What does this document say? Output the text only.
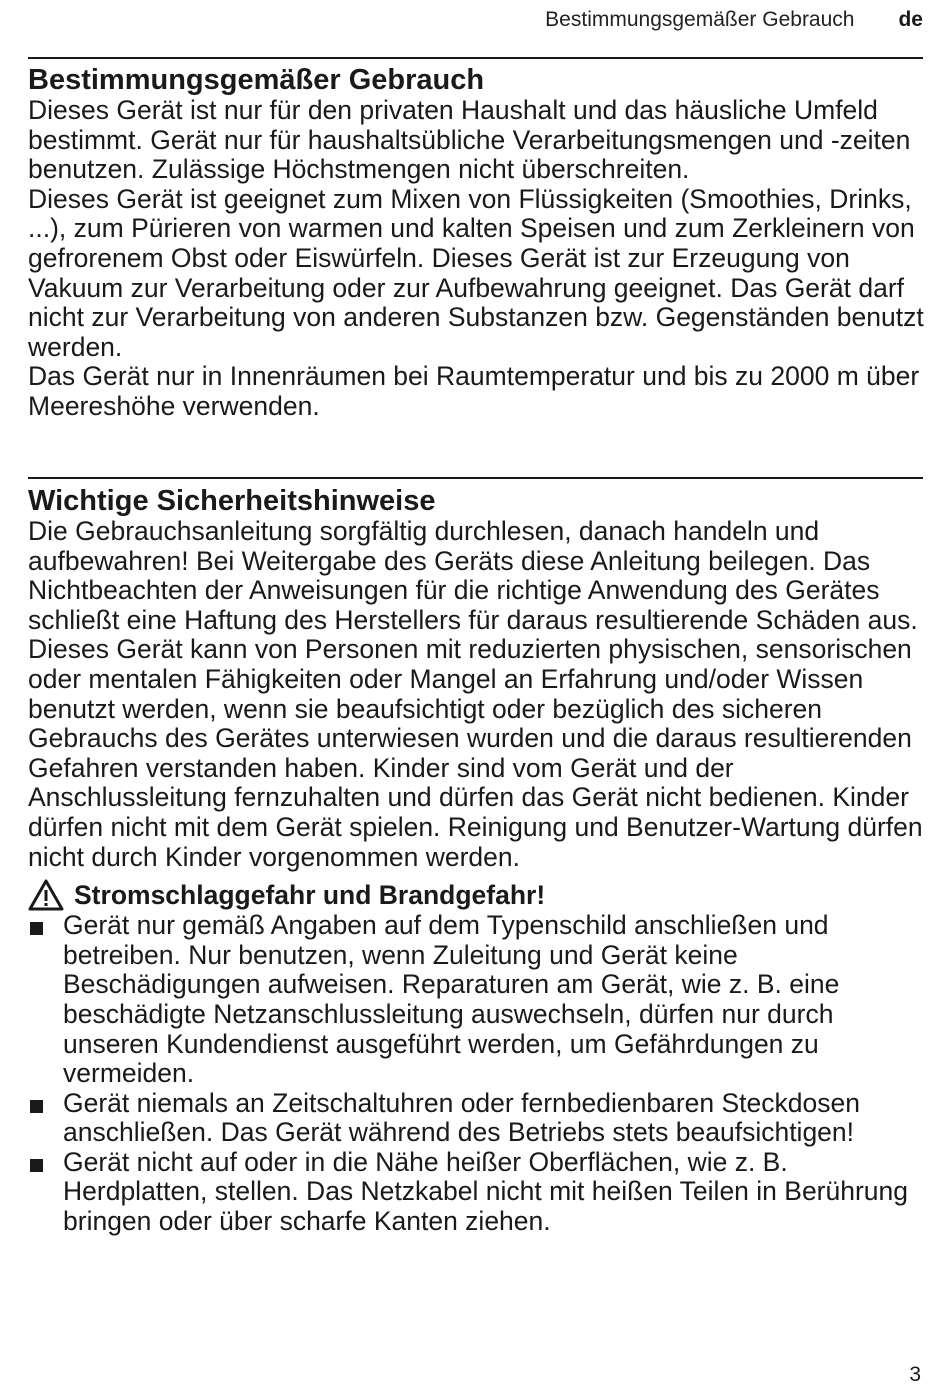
Bestimmungsgemäßer Gebrauch de
Bestimmungsgemäßer Gebrauch

Dieses Gerät ist nur für den privaten Haushalt und das häusliche Umfeld bestimmt. Gerät nur für haushaltsübliche Verarbeitungsmengen und -zeiten benutzen. Zulässige Höchstmengen nicht überschreiten.

Dieses Gerät ist geeignet zum Mixen von Flüssigkeiten (Smoothies, Drinks, ...), zum Pürieren von warmen und kalten Speisen und zum Zerkleinern von gefrorenem Obst oder Eiswürfeln. Dieses Gerät ist zur Erzeugung von Vakuum zur Verarbeitung oder zur Aufbewahrung geeignet. Das Gerät darf nicht zur Verarbeitung von anderen Substanzen bzw. Gegenständen benutzt werden.

Das Gerät nur in Innenräumen bei Raumtemperatur und bis zu 2000 m über Meereshöhe verwenden.

Wichtige Sicherheitshinweise

Die Gebrauchsanleitung sorgfältig durchlesen, danach handeln und aufbewahren! Bei Weitergabe des Geräts diese Anleitung beilegen. Das Nichtbeachten der Anweisungen für die richtige Anwendung des Gerätes schließt eine Haftung des Herstellers für daraus resultierende Schäden aus.

Dieses Gerät kann von Personen mit reduzierten physischen, sensorischen oder mentalen Fähigkeiten oder Mangel an Erfahrung und/oder Wissen benutzt werden, wenn sie beaufsichtigt oder bezüglich des sicheren Gebrauchs des Gerätes unterwiesen wurden und die daraus resultierenden Gefahren verstanden haben. Kinder sind vom Gerät und der Anschlussleitung fernzuhalten und dürfen das Gerät nicht bedienen. Kinder dürfen nicht mit dem Gerät spielen. Reinigung und Benutzer-Wartung dürfen nicht durch Kinder vorgenommen werden.

Stromschlaggefahr und Brandgefahr!
Gerät nur gemäß Angaben auf dem Typenschild anschließen und betreiben. Nur benutzen, wenn Zuleitung und Gerät keine Beschädigungen aufweisen. Reparaturen am Gerät, wie z. B. eine beschädigte Netzanschlussleitung auswechseln, dürfen nur durch unseren Kundendienst ausgeführt werden, um Gefährdungen zu vermeiden.
Gerät niemals an Zeitschaltuhren oder fernbedienbaren Steckdosen anschließen. Das Gerät während des Betriebs stets beaufsichtigen!
Gerät nicht auf oder in die Nähe heißer Oberflächen, wie z. B. Herdplatten, stellen. Das Netzkabel nicht mit heißen Teilen in Berührung bringen oder über scharfe Kanten ziehen.
3
